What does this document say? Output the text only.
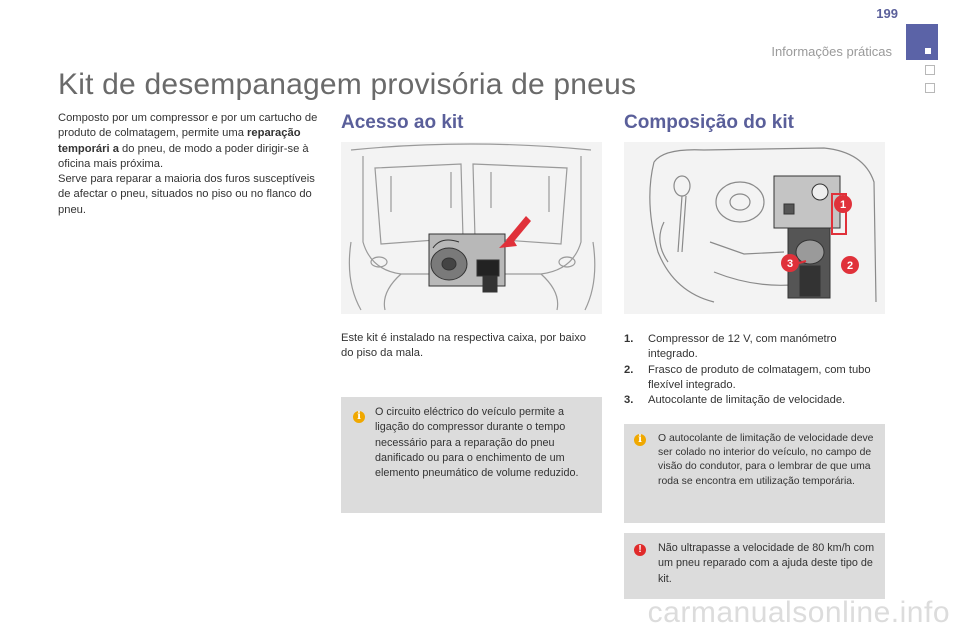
199
Informações práticas
Kit de desempanagem provisória de pneus

Composto por um compressor e por um cartucho de produto de colmatagem, permite uma reparação temporári a do pneu, de modo a poder dirigir-se à oficina mais próxima.

Serve para reparar a maioria dos furos susceptíveis de afectar o pneu, situados no piso ou no flanco do pneu.

Acesso ao kit
Este kit é instalado na respectiva caixa, por baixo do piso da mala.
i	O circuito eléctrico do veículo permite a ligação do compressor durante o tempo necessário para a reparação do pneu danificado ou para o enchimento de um elemento pneumático de volume reduzido.
Composição do kit
1
2
3
1. Compressor de 12 V, com manómetro integrado.
2. Frasco de produto de colmatagem, com tubo flexível integrado.
3. Autocolante de limitação de velocidade.
i	O autocolante de limitação de velocidade deve ser colado no interior do veículo, no campo de visão do condutor, para o lembrar de que uma roda se encontra em utilização temporária.
!	Não ultrapasse a velocidade de 80 km/h com um pneu reparado com a ajuda deste tipo de kit.
carmanualsonline.info
